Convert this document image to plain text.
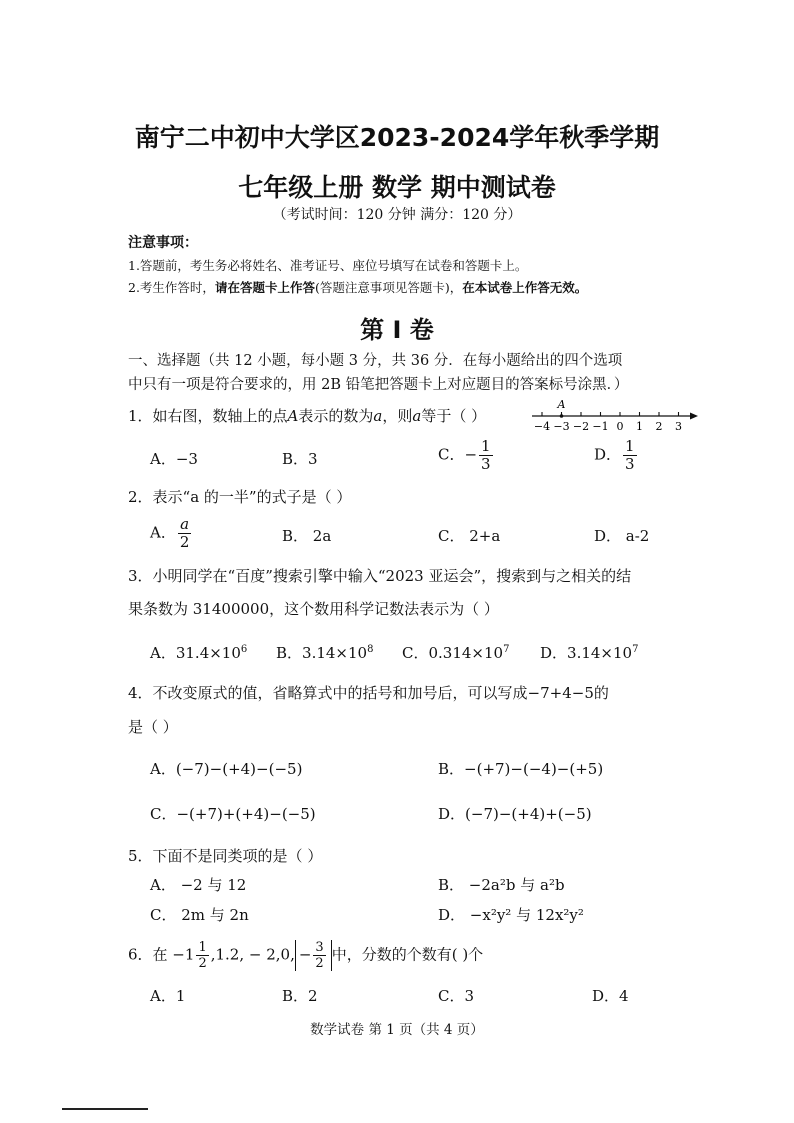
南宁二中初中大学区2023-2024学年秋季学期
七年级上册 数学 期中测试卷
（考试时间：120 分钟 满分：120 分）
注意事项：
1.答题前，考生务必将姓名、准考证号、座位号填写在试卷和答题卡上。
2.考生作答时，请在答题卡上作答(答题注意事项见答题卡)，在本试卷上作答无效。
第 I 卷
一、选择题（共 12 小题，每小题 3 分，共 36 分．在每小题给出的四个选项
中只有一项是符合要求的，用 2B 铅笔把答题卡上对应题目的答案标号涂黑．）
1．如右图，数轴上的点A表示的数为a，则a等于（ ）
−4 −3 −2 −1 0 1 2 3
A
A．−3	B．3	C．− $\frac{1}{3}$	D． $\frac{1}{3}$
2．表示“a 的一半”的式子是（ ）
A． $\frac{a}{2}$	B． 2a	C． 2+a	D． a-2
3．小明同学在“百度”搜索引擎中输入“2023 亚运会”，搜索到与之相关的结
果条数为 31400000，这个数用科学记数法表示为（ ）
A．$31.4\times 10^6$ B．$3.14\times 10^8$ C．$0.314\times 10^7$ D．$3.14\times 10^7$
4．不改变原式的值，省略算式中的括号和加号后，可以写成−7+4−5的
是（ ）
A．(−7)−(+4)−(−5)	B．−(+7)−(−4)−(+5)
C．−(+7)+(+4)−(−5)	D．(−7)−(+4)+(−5)
5．下面不是同类项的是（ ）
A． −2 与 12	B． −2a²b 与 a²b
C． 2m 与 2n	D． −x²y² 与 12x²y²
6．在 $-1 \frac{1}{2} ,1.2$, − 2,0, − $\frac{3}{2}$ 中，分数的个数有( )个
A．1	B．2	C．3	D．4
数学试卷 第 1 页（共 4 页）
